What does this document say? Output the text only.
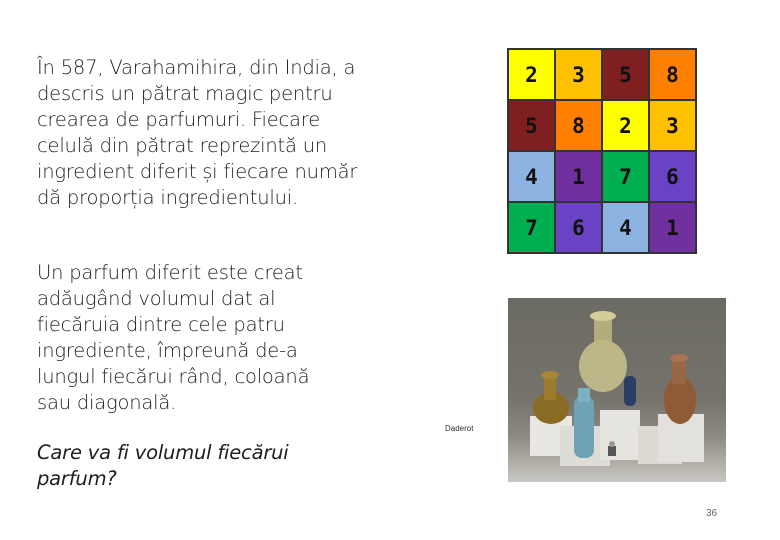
În 587, Varahamihira, din India, a descris un pătrat magic pentru crearea de parfumuri. Fiecare celulă din pătrat reprezintă un ingredient diferit și fiecare număr dă proporția ingredientului.

Un parfum diferit este creat adăugând volumul dat al fiecăruia dintre cele patru ingrediente, împreună de-a lungul fiecărui rând, coloană sau diagonală.

Care va fi volumul fiecărui parfum?

2	3	5	8
5	8	2	3
4	1	7	6
7	6	4	1
Daderot
36
